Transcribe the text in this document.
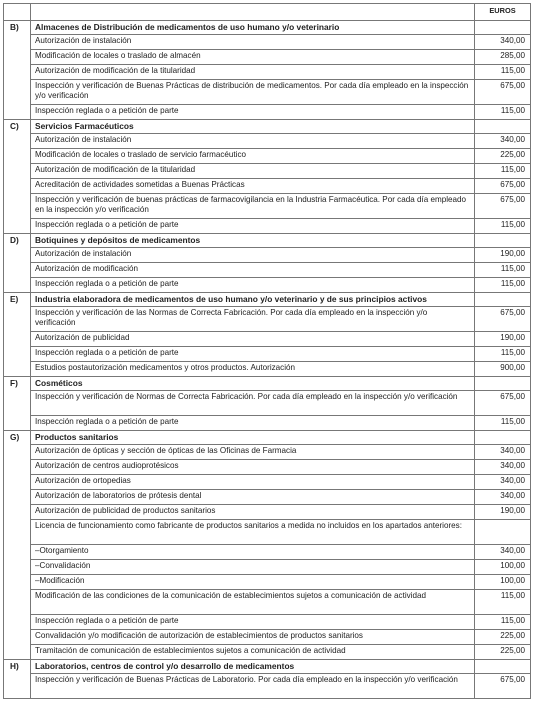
		EUROS
B)	Almacenes de Distribución de medicamentos de uso humano y/o veterinario	
	Autorización de instalación	340,00
	Modificación de locales o traslado de almacén	285,00
	Autorización de modificación de la titularidad	115,00
	Inspección y verificación de Buenas Prácticas de distribución de medicamentos. Por cada día empleado en la inspección y/o verificación	675,00
	Inspección reglada o a petición de parte	115,00
C)	Servicios Farmacéuticos	
	Autorización de instalación	340,00
	Modificación de locales o traslado de servicio farmacéutico	225,00
	Autorización de modificación de la titularidad	115,00
	Acreditación de actividades sometidas a Buenas Prácticas	675,00
	Inspección y verificación de buenas prácticas de farmacovigilancia en la Industria Farmacéutica. Por cada día empleado en la inspección y/o verificación	675,00
	Inspección reglada o a petición de parte	115,00
D)	Botiquines y depósitos de medicamentos	
	Autorización de instalación	190,00
	Autorización de modificación	115,00
	Inspección reglada o a petición de parte	115,00
E)	Industria elaboradora de medicamentos de uso humano y/o veterinario y de sus principios activos	
	Inspección y verificación de las Normas de Correcta Fabricación. Por cada día empleado en la inspección y/o verificación	675,00
	Autorización de publicidad	190,00
	Inspección reglada o a petición de parte	115,00
	Estudios postautorización medicamentos y otros productos. Autorización	900,00
F)	Cosméticos	
	Inspección y verificación de Normas de Correcta Fabricación. Por cada día empleado en la inspección y/o verificación	675,00
	Inspección reglada o a petición de parte	115,00
G)	Productos sanitarios	
	Autorización de ópticas y sección de ópticas de las Oficinas de Farmacia	340,00
	Autorización de centros audioprotésicos	340,00
	Autorización de ortopedias	340,00
	Autorización de laboratorios de prótesis dental	340,00
	Autorización de publicidad de productos sanitarios	190,00
	Licencia de funcionamiento como fabricante de productos sanitarios a medida no incluidos en los apartados anteriores:	
	–Otorgamiento	340,00
	–Convalidación	100,00
	–Modificación	100,00
	Modificación de las condiciones de la comunicación de establecimientos sujetos a comunicación de actividad	115,00
	Inspección reglada o a petición de parte	115,00
	Convalidación y/o modificación de autorización de establecimientos de productos sanitarios	225,00
	Tramitación de comunicación de establecimientos sujetos a comunicación de actividad	225,00
H)	Laboratorios, centros de control y/o desarrollo de medicamentos	
	Inspección y verificación de Buenas Prácticas de Laboratorio. Por cada día empleado en la inspección y/o verificación	675,00
